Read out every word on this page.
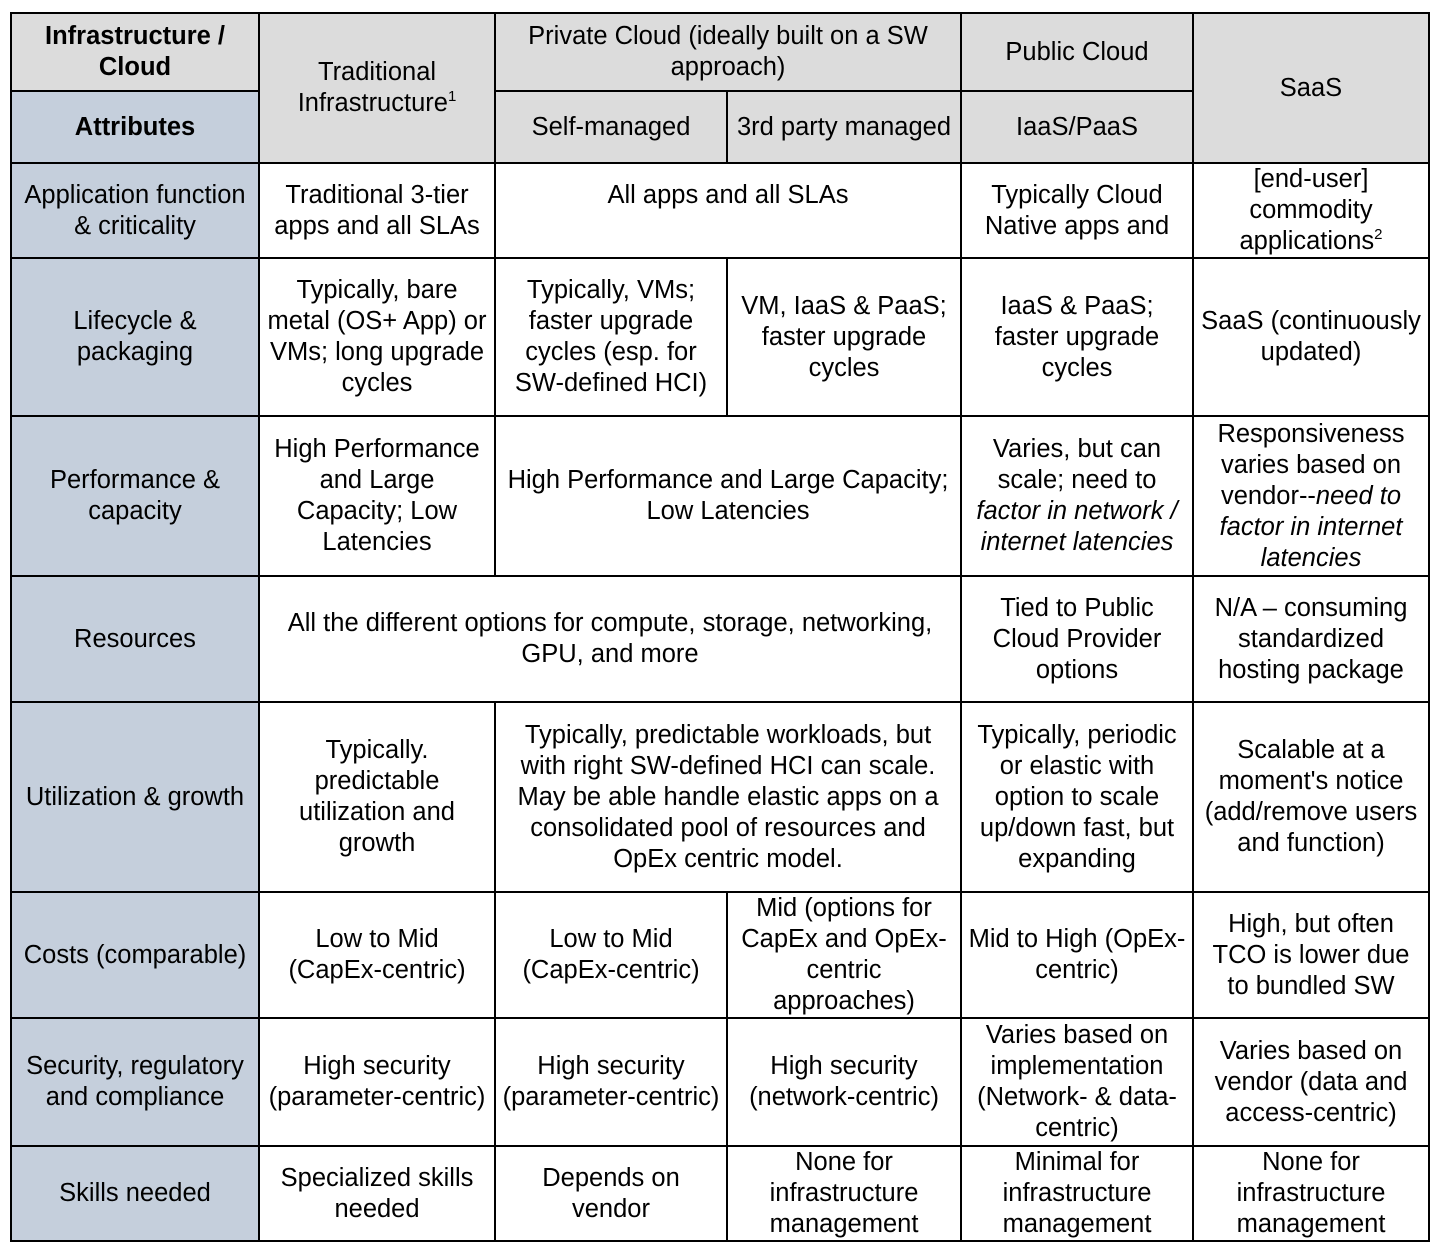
Infrastructure / Cloud	Traditional Infrastructure$^1$	Private Cloud (ideally built on a SW approach)		Public Cloud	SaaS
Attributes		Self-managed	3rd party managed	IaaS/PaaS	
Application function & criticality	Traditional 3-tier apps and all SLAs	All apps and all SLAs		Typically Cloud Native apps and	[end-user] commodity applications$^2$
Lifecycle & packaging	Typically, bare metal (OS+ App) or VMs; long upgrade cycles	Typically, VMs; faster upgrade cycles (esp. for SW-defined HCI)	VM, IaaS & PaaS; faster upgrade cycles	IaaS & PaaS; faster upgrade cycles	SaaS (continuously updated)
Performance & capacity	High Performance and Large Capacity; Low Latencies	High Performance and Large Capacity; Low Latencies		Varies, but can scale; need to factor in network / internet latencies	Responsiveness varies based on vendor--need to factor in internet latencies
Resources	All the different options for compute, storage, networking, GPU, and more			Tied to Public Cloud Provider options	N/A – consuming standardized hosting package
Utilization & growth	Typically. predictable utilization and growth	Typically, predictable workloads, but with right SW-defined HCI can scale. May be able handle elastic apps on a consolidated pool of resources and OpEx centric model.		Typically, periodic or elastic with option to scale up/down fast, but expanding	Scalable at a moment's notice (add/remove users and function)
Costs (comparable)	Low to Mid (CapEx-centric)	Low to Mid (CapEx-centric)	Mid (options for CapEx and OpEx-centric approaches)	Mid to High (OpEx-centric)	High, but often TCO is lower due to bundled SW
Security, regulatory and compliance	High security (parameter-centric)	High security (parameter-centric)	High security (network-centric)	Varies based on implementation (Network- & data-centric)	Varies based on vendor (data and access-centric)
Skills needed	Specialized skills needed	Depends on vendor	None for infrastructure management	Minimal for infrastructure management	None for infrastructure management
